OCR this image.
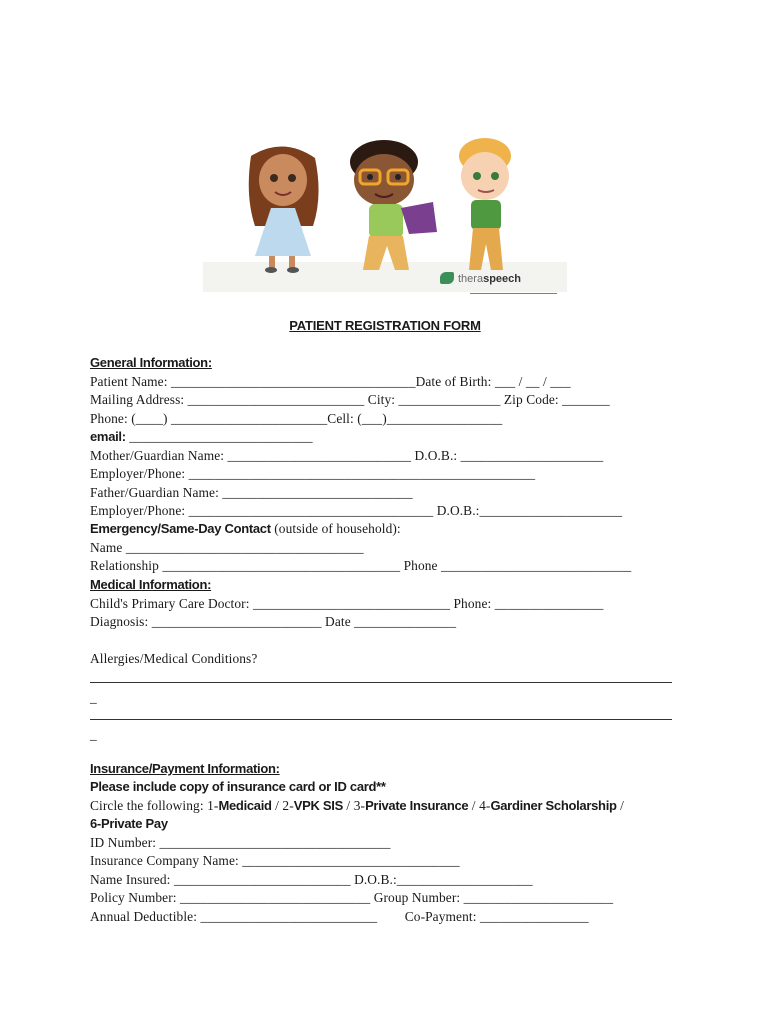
theraspeech
PATIENT REGISTRATION FORM
General Information:
Patient Name: ____________________________________Date of Birth: ___ / __ / ___
Mailing Address: __________________________ City: _______________ Zip Code: _______
Phone: (____) _______________________Cell: (___)_________________
email: ___________________________
Mother/Guardian Name: ___________________________ D.O.B.: _____________________
Employer/Phone: ___________________________________________________
Father/Guardian Name: ____________________________
Employer/Phone: ____________________________________ D.O.B.:_____________________
Emergency/Same-Day Contact (outside of household):
Name ___________________________________
Relationship ___________________________________ Phone ____________________________
Medical Information:
Child's Primary Care Doctor: _____________________________ Phone: ________________
Diagnosis: _________________________ Date _______________
Allergies/Medical Conditions?
_
_
Insurance/Payment Information:
Please include copy of insurance card or ID card**
Circle the following: 1-Medicaid / 2-VPK SIS / 3-Private Insurance / 4-Gardiner Scholarship /
6-Private Pay
ID Number: __________________________________
Insurance Company Name: ________________________________
Name Insured: __________________________ D.O.B.:____________________
Policy Number: ____________________________ Group Number: ______________________
Annual Deductible: __________________________        Co-Payment: ________________
